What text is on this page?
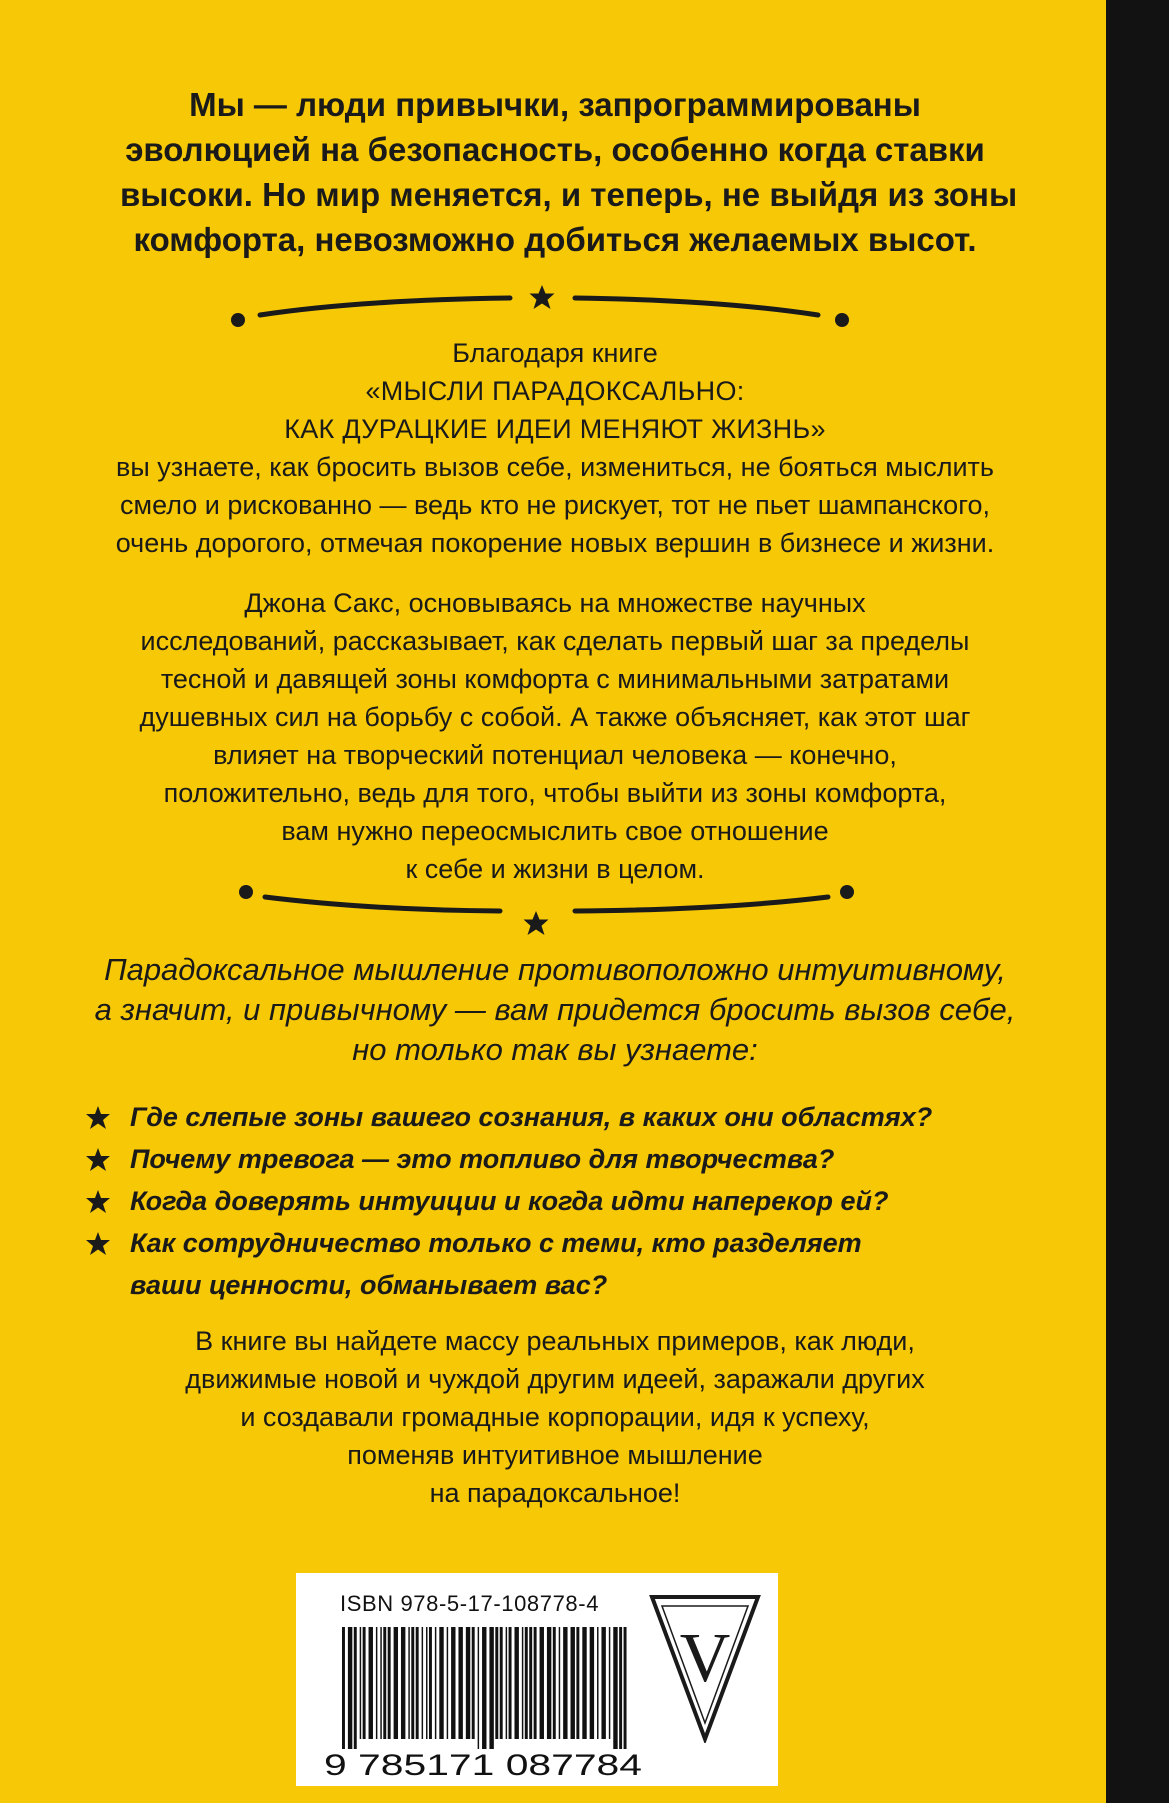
Мы — люди привычки, запрограммированы
эволюцией на безопасность, особенно когда ставки
высоки. Но мир меняется, и теперь, не выйдя из зоны
комфорта, невозможно добиться желаемых высот.

Благодаря книге
«МЫСЛИ ПАРАДОКСАЛЬНО:
КАК ДУРАЦКИЕ ИДЕИ МЕНЯЮТ ЖИЗНЬ»
вы узнаете, как бросить вызов себе, измениться, не бояться мыслить
смело и рискованно — ведь кто не рискует, тот не пьет шампанского,
очень дорогого, отмечая покорение новых вершин в бизнесе и жизни.
Джона Сакс, основываясь на множестве научных
исследований, рассказывает, как сделать первый шаг за пределы
тесной и давящей зоны комфорта с минимальными затратами
душевных сил на борьбу с собой. А также объясняет, как этот шаг
влияет на творческий потенциал человека — конечно,
положительно, ведь для того, чтобы выйти из зоны комфорта,
вам нужно переосмыслить свое отношение
к себе и жизни в целом.

Парадоксальное мышление противоположно интуитивному,
а значит, и привычному — вам придется бросить вызов себе,
но только так вы узнаете:

Где слепые зоны вашего сознания, в каких они областях?
Почему тревога — это топливо для творчества?
Когда доверять интуиции и когда идти наперекор ей?
Как сотрудничество только с теми, кто разделяет
ваши ценности, обманывает вас?
В книге вы найдете массу реальных примеров, как люди,
движимые новой и чуждой другим идеей, заражали других
и создавали громадные корпорации, идя к успеху,
поменяв интуитивное мышление
на парадоксальное!
ISBN 978-5-17-108778-4
9 785171 087784
V
